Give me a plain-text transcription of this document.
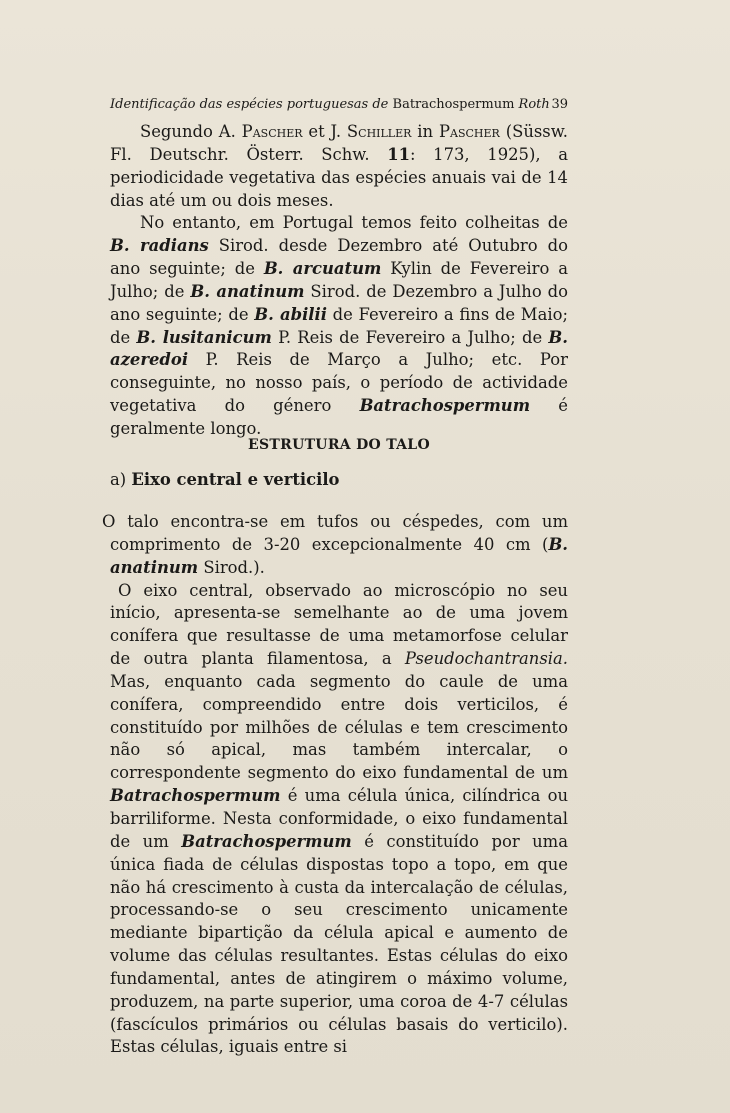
Identificação das espécies portuguesas de Batrachospermum Roth 39

Segundo A. Pascher et J. Schiller in Pascher (Süssw. Fl. Deutschr. Österr. Schw. 11: 173, 1925), a periodicidade vegetativa das espécies anuais vai de 14 dias até um ou dois meses.

No entanto, em Portugal temos feito colheitas de B. radians Sirod. desde Dezembro até Outubro do ano seguinte; de B. arcuatum Kylin de Fevereiro a Julho; de B. anatinum Sirod. de Dezembro a Julho do ano seguinte; de B. abilii de Fevereiro a fins de Maio; de B. lusitanicum P. Reis de Fevereiro a Julho; de B. azeredoi P. Reis de Março a Julho; etc. Por conseguinte, no nosso país, o período de actividade vegetativa do género Batrachospermum é geralmente longo.

ESTRUTURA DO TALO
a) Eixo central e verticilo

O talo encontra-se em tufos ou céspedes, com um comprimento de 3-20 excepcionalmente 40 cm (B. anatinum Sirod.).

O eixo central, observado ao microscópio no seu início, apresenta-se semelhante ao de uma jovem conífera que resultasse de uma metamorfose celular de outra planta filamentosa, a Pseudochantransia. Mas, enquanto cada segmento do caule de uma conífera, compreendido entre dois verticilos, é constituído por milhões de células e tem crescimento não só apical, mas também intercalar, o correspondente segmento do eixo fundamental de um Batrachospermum é uma célula única, cilíndrica ou barriliforme. Nesta conformidade, o eixo fundamental de um Batrachospermum é constituído por uma única fiada de células dispostas topo a topo, em que não há crescimento à custa da intercalação de células, processando-se o seu crescimento unicamente mediante bipartição da célula apical e aumento de volume das células resultantes. Estas células do eixo fundamental, antes de atingirem o máximo volume, produzem, na parte superior, uma coroa de 4-7 células (fascículos primários ou células basais do verticilo). Estas células, iguais entre si
